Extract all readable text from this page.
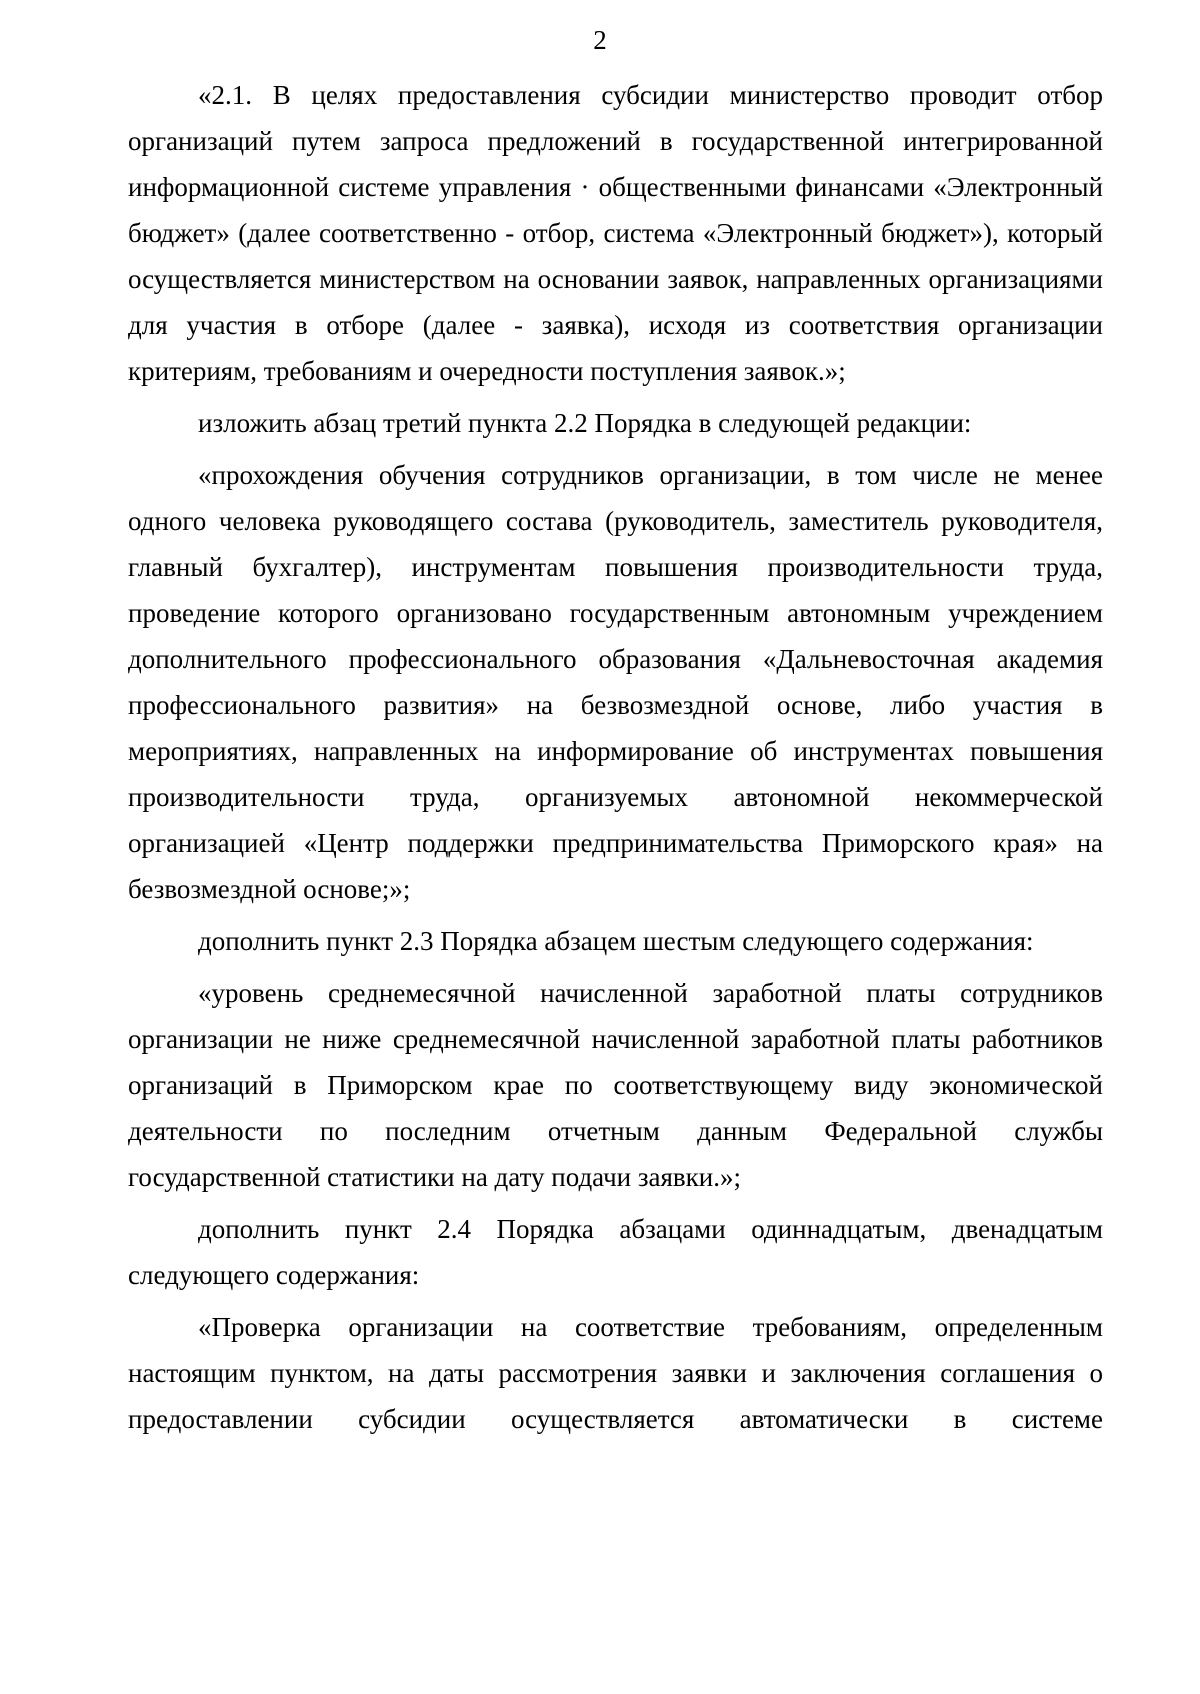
2

«2.1. В целях предоставления субсидии министерство проводит отбор организаций путем запроса предложений в государственной интегрированной информационной системе управления · общественными финансами «Электронный бюджет» (далее соответственно - отбор, система «Электронный бюджет»), который осуществляется министерством на основании заявок, направленных организациями для участия в отборе (далее - заявка), исходя из соответствия организации критериям, требованиям и очередности поступления заявок.»;

изложить абзац третий пункта 2.2 Порядка в следующей редакции:

«прохождения обучения сотрудников организации, в том числе не менее одного человека руководящего состава (руководитель, заместитель руководителя, главный бухгалтер), инструментам повышения производительности труда, проведение которого организовано государственным автономным учреждением дополнительного профессионального образования «Дальневосточная академия профессионального развития» на безвозмездной основе, либо участия в мероприятиях, направленных на информирование об инструментах повышения производительности труда, организуемых автономной некоммерческой организацией «Центр поддержки предпринимательства Приморского края» на безвозмездной основе;»;

дополнить пункт 2.3 Порядка абзацем шестым следующего содержания:

«уровень среднемесячной начисленной заработной платы сотрудников организации не ниже среднемесячной начисленной заработной платы работников организаций в Приморском крае по соответствующему виду экономической деятельности по последним отчетным данным Федеральной службы государственной статистики на дату подачи заявки.»;

дополнить пункт 2.4 Порядка абзацами одиннадцатым, двенадцатым следующего содержания:

«Проверка организации на соответствие требованиям, определенным настоящим пунктом, на даты рассмотрения заявки и заключения соглашения о предоставлении субсидии осуществляется автоматически в системе
